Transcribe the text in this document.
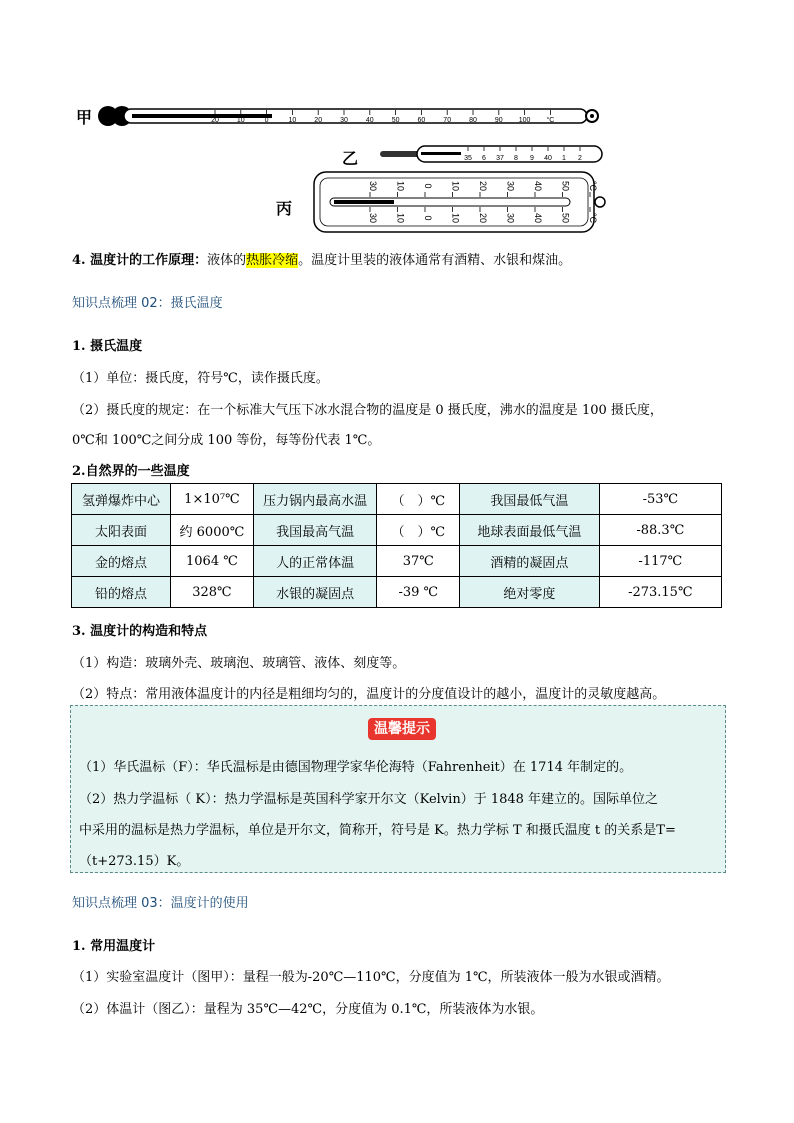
甲	20	10	0	10	20	30	40	50	60	70	80	90 100 °C
乙	35 6 37 8 9 40 1 2
丙
30 10 0 10 20 30 40 50 °C
30 10 0 10 20 30 40 50 °C
4. 温度计的工作原理：液体的热胀冷缩。温度计里装的液体通常有酒精、水银和煤油。
知识点梳理 02：摄氏温度
1. 摄氏温度
（1）单位：摄氏度，符号℃，读作摄氏度。
（2）摄氏度的规定：在一个标准大气压下冰水混合物的温度是 0 摄氏度，沸水的温度是 100 摄氏度，
0℃和 100℃之间分成 100 等份，每等份代表 1℃。
2.自然界的一些温度
氢弹爆炸中心	1×10⁷℃	压力锅内最高水温	（　）℃	我国最低气温	-53℃
太阳表面	约 6000℃	我国最高气温	（　）℃	地球表面最低气温	-88.3℃
金的熔点	1064 ℃	人的正常体温	37℃	酒精的凝固点	-117℃
铅的熔点	328℃	水银的凝固点	-39 ℃	绝对零度	-273.15℃
3. 温度计的构造和特点
（1）构造：玻璃外壳、玻璃泡、玻璃管、液体、刻度等。
（2）特点：常用液体温度计的内径是粗细均匀的，温度计的分度值设计的越小，温度计的灵敏度越高。
温馨提示
（1）华氏温标（F）：华氏温标是由德国物理学家华伦海特（Fahrenheit）在 1714 年制定的。
（2）热力学温标（ K）：热力学温标是英国科学家开尔文（Kelvin）于 1848 年建立的。国际单位之
中采用的温标是热力学温标，单位是开尔文，简称开，符号是 K。热力学标 T 和摄氏温度 t 的关系是T=
（t+273.15）K。
知识点梳理 03：温度计的使用
1. 常用温度计
（1）实验室温度计（图甲）：量程一般为-20℃—110℃，分度值为 1℃，所装液体一般为水银或酒精。
（2）体温计（图乙）：量程为 35℃—42℃，分度值为 0.1℃，所装液体为水银。
